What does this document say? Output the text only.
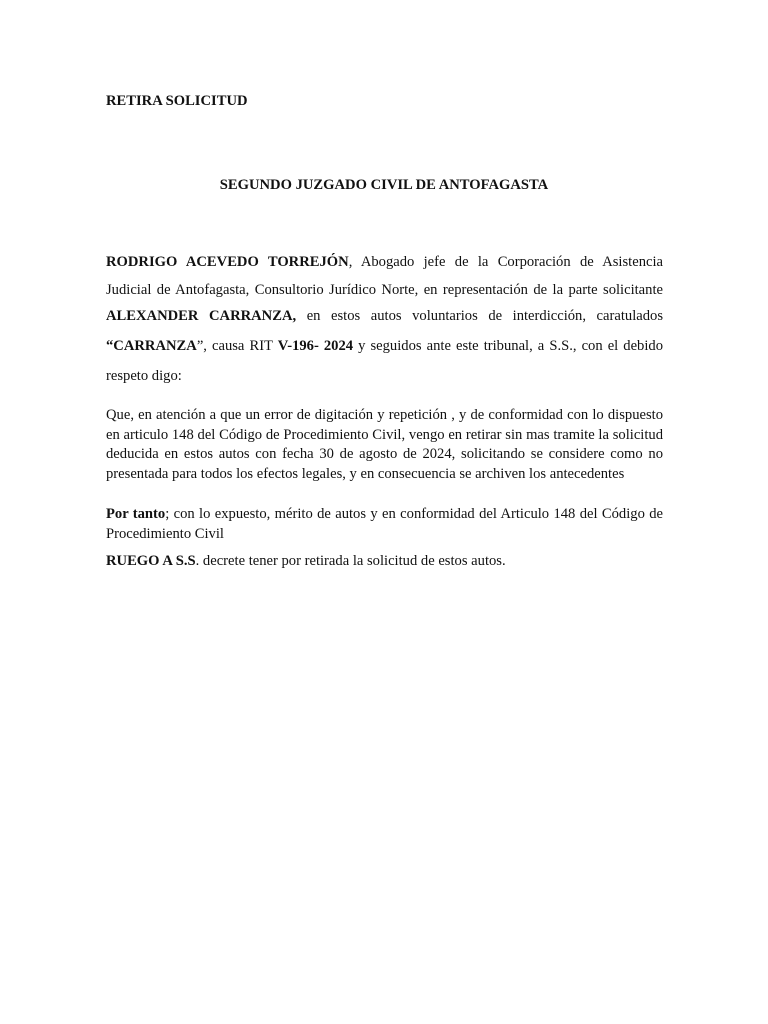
RETIRA SOLICITUD

SEGUNDO JUZGADO CIVIL DE ANTOFAGASTA

RODRIGO ACEVEDO TORREJÓN, Abogado jefe de la Corporación de Asistencia

Judicial de Antofagasta, Consultorio Jurídico Norte, en representación de la parte solicitante

ALEXANDER CARRANZA, en estos autos voluntarios de interdicción, caratulados

“CARRANZA”, causa RIT V-196- 2024 y seguidos ante este tribunal, a S.S., con el debido

respeto digo:

Que, en atención a que un error de digitación y repetición , y de conformidad con lo dispuesto en articulo 148 del Código de Procedimiento Civil, vengo en retirar sin mas tramite la solicitud deducida en estos autos con fecha 30 de agosto de 2024, solicitando se considere como no presentada para todos los efectos legales, y en consecuencia se archiven los antecedentes

Por tanto; con lo expuesto, mérito de autos y en conformidad del Articulo 148 del Código de Procedimiento Civil

RUEGO A S.S. decrete tener por retirada la solicitud de estos autos.
